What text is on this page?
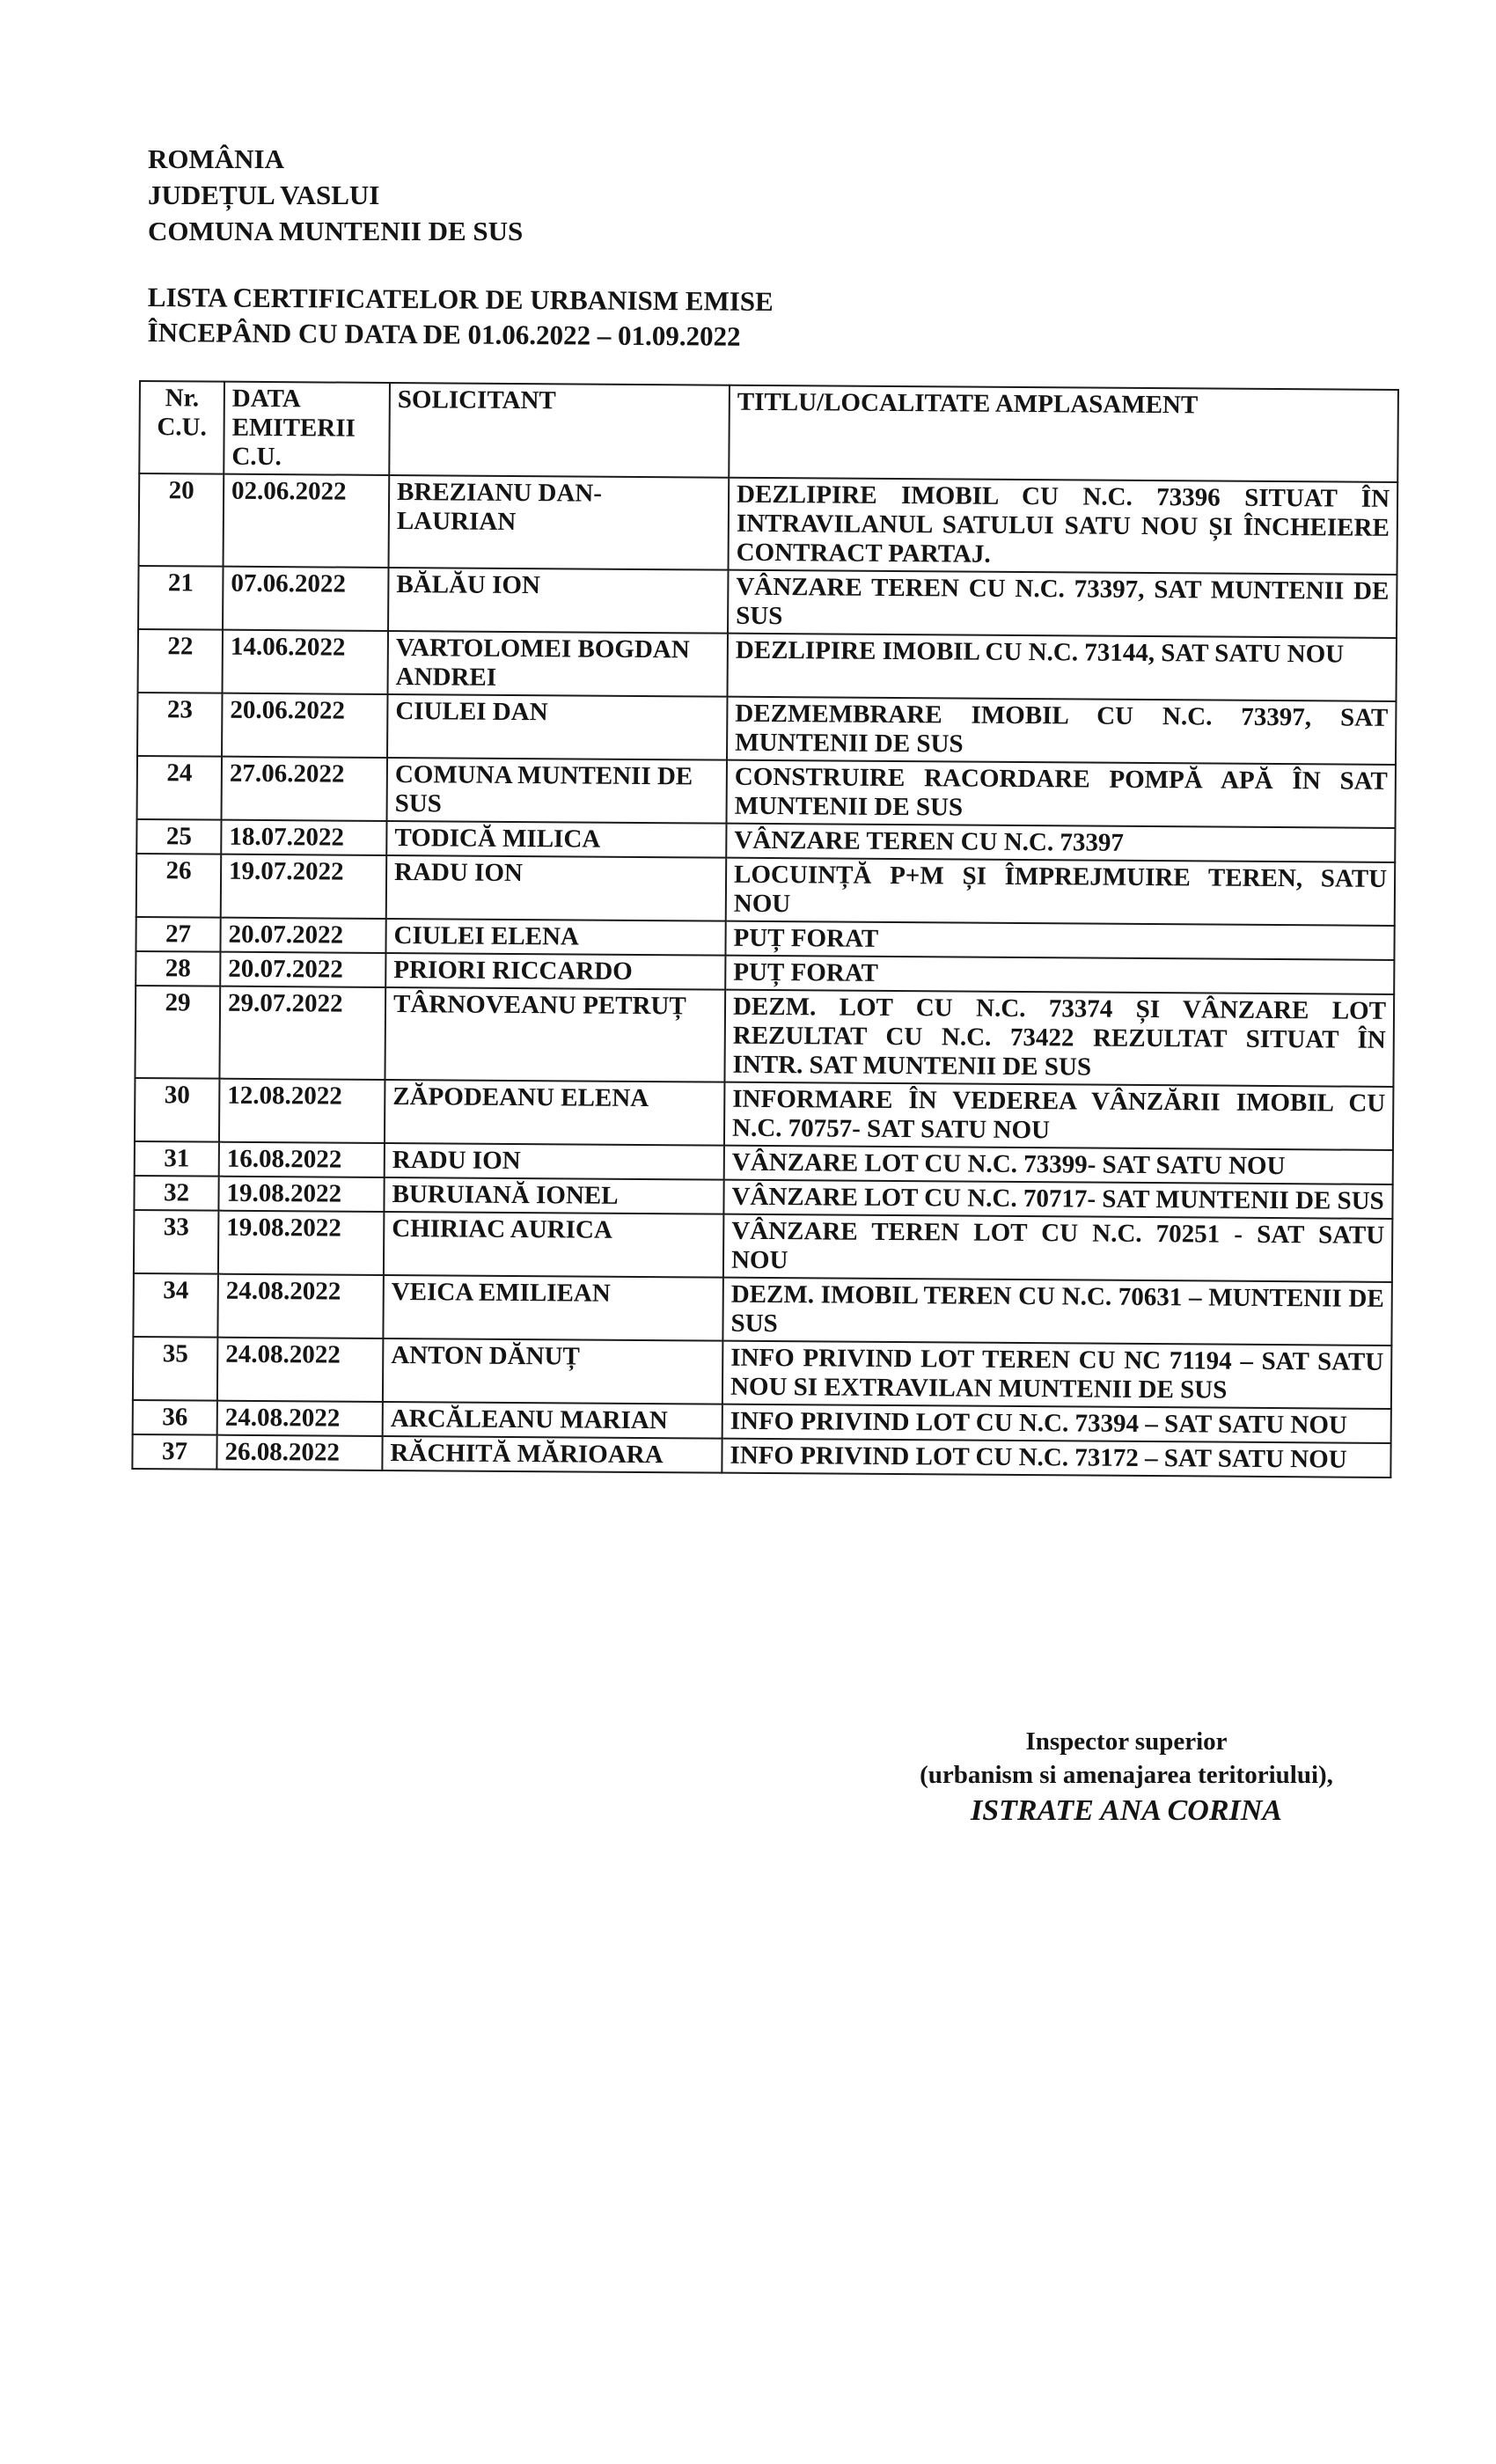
ROMÂNIA
JUDEȚUL VASLUI
COMUNA MUNTENII DE SUS
LISTA CERTIFICATELOR DE URBANISM EMISE
ÎNCEPÂND CU DATA DE 01.06.2022 – 01.09.2022
Nr. C.U.	DATA EMITERII C.U.	SOLICITANT	TITLU/LOCALITATE AMPLASAMENT
20	02.06.2022	BREZIANU DAN-LAURIAN	DEZLIPIRE IMOBIL CU N.C. 73396 SITUAT ÎN INTRAVILANUL SATULUI SATU NOU ȘI ÎNCHEIERE CONTRACT PARTAJ.
21	07.06.2022	BĂLĂU ION	VÂNZARE TEREN CU N.C. 73397, SAT MUNTENII DE SUS
22	14.06.2022	VARTOLOMEI BOGDAN ANDREI	DEZLIPIRE IMOBIL CU N.C. 73144, SAT SATU NOU
23	20.06.2022	CIULEI DAN	DEZMEMBRARE IMOBIL CU N.C. 73397, SAT MUNTENII DE SUS
24	27.06.2022	COMUNA MUNTENII DE SUS	CONSTRUIRE RACORDARE POMPĂ APĂ ÎN SAT MUNTENII DE SUS
25	18.07.2022	TODICĂ MILICA	VÂNZARE TEREN CU N.C. 73397
26	19.07.2022	RADU ION	LOCUINȚĂ P+M ȘI ÎMPREJMUIRE TEREN, SATU NOU
27	20.07.2022	CIULEI ELENA	PUȚ FORAT
28	20.07.2022	PRIORI RICCARDO	PUȚ FORAT
29	29.07.2022	TÂRNOVEANU PETRUȚ	DEZM. LOT CU N.C. 73374 ȘI VÂNZARE LOT REZULTAT CU N.C. 73422 REZULTAT SITUAT ÎN INTR. SAT MUNTENII DE SUS
30	12.08.2022	ZĂPODEANU ELENA	INFORMARE ÎN VEDEREA VÂNZĂRII IMOBIL CU N.C. 70757- SAT SATU NOU
31	16.08.2022	RADU ION	VÂNZARE LOT CU N.C. 73399- SAT SATU NOU
32	19.08.2022	BURUIANĂ IONEL	VÂNZARE LOT CU N.C. 70717- SAT MUNTENII DE SUS
33	19.08.2022	CHIRIAC AURICA	VÂNZARE TEREN LOT CU N.C. 70251 - SAT SATU NOU
34	24.08.2022	VEICA EMILIEAN	DEZM. IMOBIL TEREN CU N.C. 70631 – MUNTENII DE SUS
35	24.08.2022	ANTON DĂNUȚ	INFO PRIVIND LOT TEREN CU NC 71194 – SAT SATU NOU SI EXTRAVILAN MUNTENII DE SUS
36	24.08.2022	ARCĂLEANU MARIAN	INFO PRIVIND LOT CU N.C. 73394 – SAT SATU NOU
37	26.08.2022	RĂCHITĂ MĂRIOARA	INFO PRIVIND LOT CU N.C. 73172 – SAT SATU NOU
Inspector superior
(urbanism si amenajarea teritoriului),
ISTRATE ANA CORINA
